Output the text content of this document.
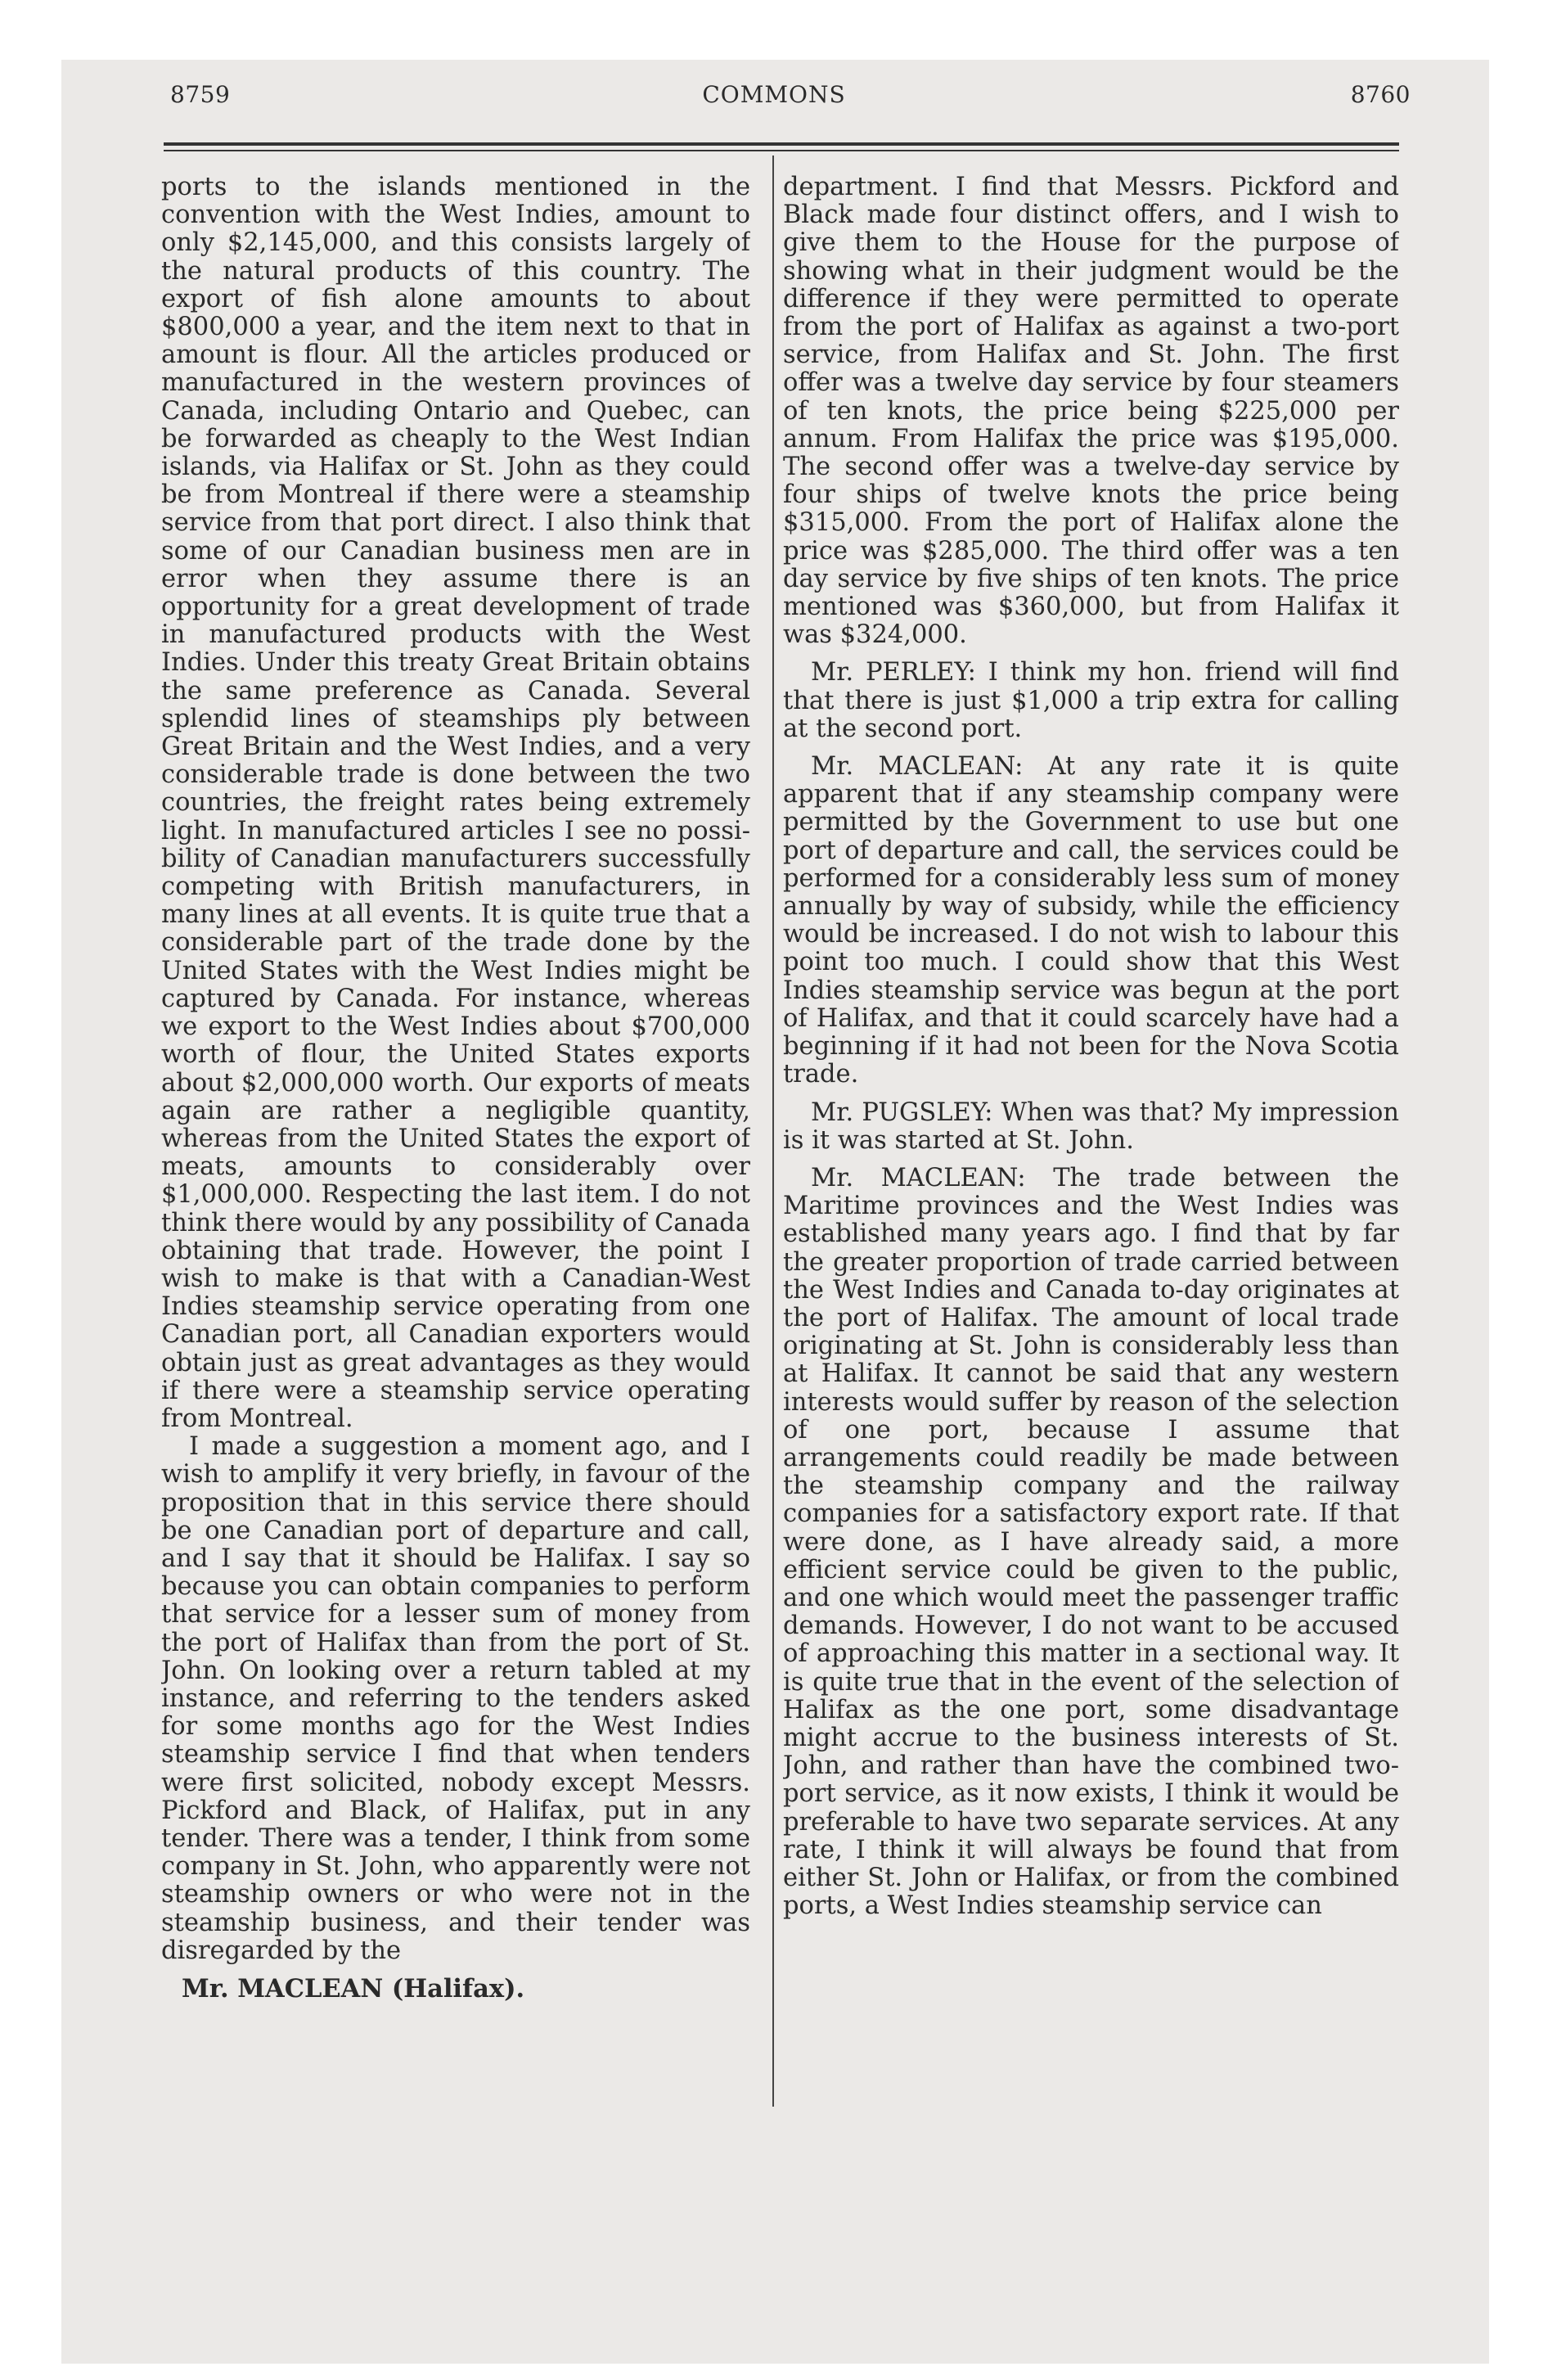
COMMONS
8759	8760

ports to the islands mentioned in the convention with the West Indies, amount to only $2,145,000, and this consists largely of the natural products of this country. The export of fish alone amounts to about $800,000 a year, and the item next to that in amount is flour. All the articles produced or manufactured in the western provinces of Canada, including Ontario and Quebec, can be forwarded as cheaply to the West Indian islands, via Halifax or St. John as they could be from Montreal if there were a steamship service from that port direct. I also think that some of our Canadian business men are in error when they assume there is an opportunity for a great development of trade in manufactured products with the West Indies. Under this treaty Great Britain obtains the same preference as Canada. Several splendid lines of steamships ply between Great Britain and the West Indies, and a very considerable trade is done between the two countries, the freight rates being extremely light. In manufactured articles I see no possibility of Canadian manufacturers successfully competing with British manufacturers, in many lines at all events. It is quite true that a considerable part of the trade done by the United States with the West Indies might be captured by Canada. For instance, whereas we export to the West Indies about $700,000 worth of flour, the United States exports about $2,000,000 worth. Our exports of meats again are rather a negligible quantity, whereas from the United States the export of meats, amounts to considerably over $1,000,000. Respecting the last item. I do not think there would by any possibility of Canada obtaining that trade. However, the point I wish to make is that with a Canadian-West Indies steamship service operating from one Canadian port, all Canadian exporters would obtain just as great advantages as they would if there were a steamship service operating from Montreal.

I made a suggestion a moment ago, and I wish to amplify it very briefly, in favour of the proposition that in this service there should be one Canadian port of departure and call, and I say that it should be Halifax. I say so because you can obtain companies to perform that service for a lesser sum of money from the port of Halifax than from the port of St. John. On looking over a return tabled at my instance, and referring to the tenders asked for some months ago for the West Indies steamship service I find that when tenders were first solicited, nobody except Messrs. Pickford and Black, of Halifax, put in any tender. There was a tender, I think from some company in St. John, who apparently were not steamship owners or who were not in the steamship business, and their tender was disregarded by the

Mr. MACLEAN (Halifax).

department. I find that Messrs. Pickford and Black made four distinct offers, and I wish to give them to the House for the purpose of showing what in their judgment would be the difference if they were permitted to operate from the port of Halifax as against a two-port service, from Halifax and St. John. The first offer was a twelve day service by four steamers of ten knots, the price being $225,000 per annum. From Halifax the price was $195,000. The second offer was a twelve-day service by four ships of twelve knots the price being $315,000. From the port of Halifax alone the price was $285,000. The third offer was a ten day service by five ships of ten knots. The price mentioned was $360,000, but from Halifax it was $324,000.

Mr. PERLEY: I think my hon. friend will find that there is just $1,000 a trip extra for calling at the second port.

Mr. MACLEAN: At any rate it is quite apparent that if any steamship company were permitted by the Government to use but one port of departure and call, the services could be performed for a considerably less sum of money annually by way of subsidy, while the efficiency would be increased. I do not wish to labour this point too much. I could show that this West Indies steamship service was begun at the port of Halifax, and that it could scarcely have had a beginning if it had not been for the Nova Scotia trade.

Mr. PUGSLEY: When was that? My impression is it was started at St. John.

Mr. MACLEAN: The trade between the Maritime provinces and the West Indies was established many years ago. I find that by far the greater proportion of trade carried between the West Indies and Canada to-day originates at the port of Halifax. The amount of local trade originating at St. John is considerably less than at Halifax. It cannot be said that any western interests would suffer by reason of the selection of one port, because I assume that arrangements could readily be made between the steamship company and the railway companies for a satisfactory export rate. If that were done, as I have already said, a more efficient service could be given to the public, and one which would meet the passenger traffic demands. However, I do not want to be accused of approaching this matter in a sectional way. It is quite true that in the event of the selection of Halifax as the one port, some disadvantage might accrue to the business interests of St. John, and rather than have the combined two-port service, as it now exists, I think it would be preferable to have two separate services. At any rate, I think it will always be found that from either St. John or Halifax, or from the combined ports, a West Indies steamship service can
